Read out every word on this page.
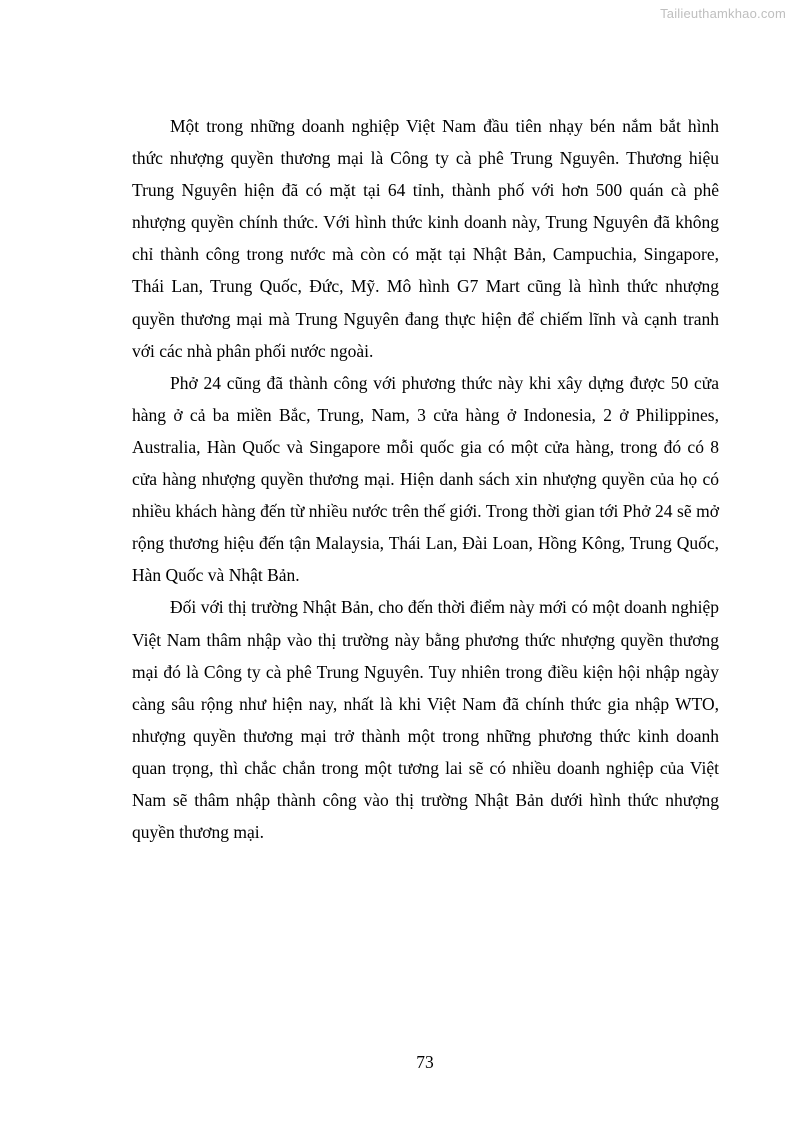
Tailieuthamkhao.com

Một trong những doanh nghiệp Việt Nam đầu tiên nhạy bén nắm bắt hình thức nhượng quyền thương mại là Công ty cà phê Trung Nguyên. Thương hiệu Trung Nguyên hiện đã có mặt tại 64 tỉnh, thành phố với hơn 500 quán cà phê nhượng quyền chính thức. Với hình thức kinh doanh này, Trung Nguyên đã không chỉ thành công trong nước mà còn có mặt tại Nhật Bản, Campuchia, Singapore, Thái Lan, Trung Quốc, Đức, Mỹ. Mô hình G7 Mart cũng là hình thức nhượng quyền thương mại mà Trung Nguyên đang thực hiện để chiếm lĩnh và cạnh tranh với các nhà phân phối nước ngoài.

Phở 24 cũng đã thành công với phương thức này khi xây dựng được 50 cửa hàng ở cả ba miền Bắc, Trung, Nam, 3 cửa hàng ở Indonesia, 2 ở Philippines, Australia, Hàn Quốc và Singapore mỗi quốc gia có một cửa hàng, trong đó có 8 cửa hàng nhượng quyền thương mại. Hiện danh sách xin nhượng quyền của họ có nhiều khách hàng đến từ nhiều nước trên thế giới. Trong thời gian tới Phở 24 sẽ mở rộng thương hiệu đến tận Malaysia, Thái Lan, Đài Loan, Hồng Kông, Trung Quốc, Hàn Quốc và Nhật Bản.

Đối với thị trường Nhật Bản, cho đến thời điểm này mới có một doanh nghiệp Việt Nam thâm nhập vào thị trường này bằng phương thức nhượng quyền thương mại đó là Công ty cà phê Trung Nguyên. Tuy nhiên trong điều kiện hội nhập ngày càng sâu rộng như hiện nay, nhất là khi Việt Nam đã chính thức gia nhập WTO, nhượng quyền thương mại trở thành một trong những phương thức kinh doanh quan trọng, thì chắc chắn trong một tương lai sẽ có nhiều doanh nghiệp của Việt Nam sẽ thâm nhập thành công vào thị trường Nhật Bản dưới hình thức nhượng quyền thương mại.

73
